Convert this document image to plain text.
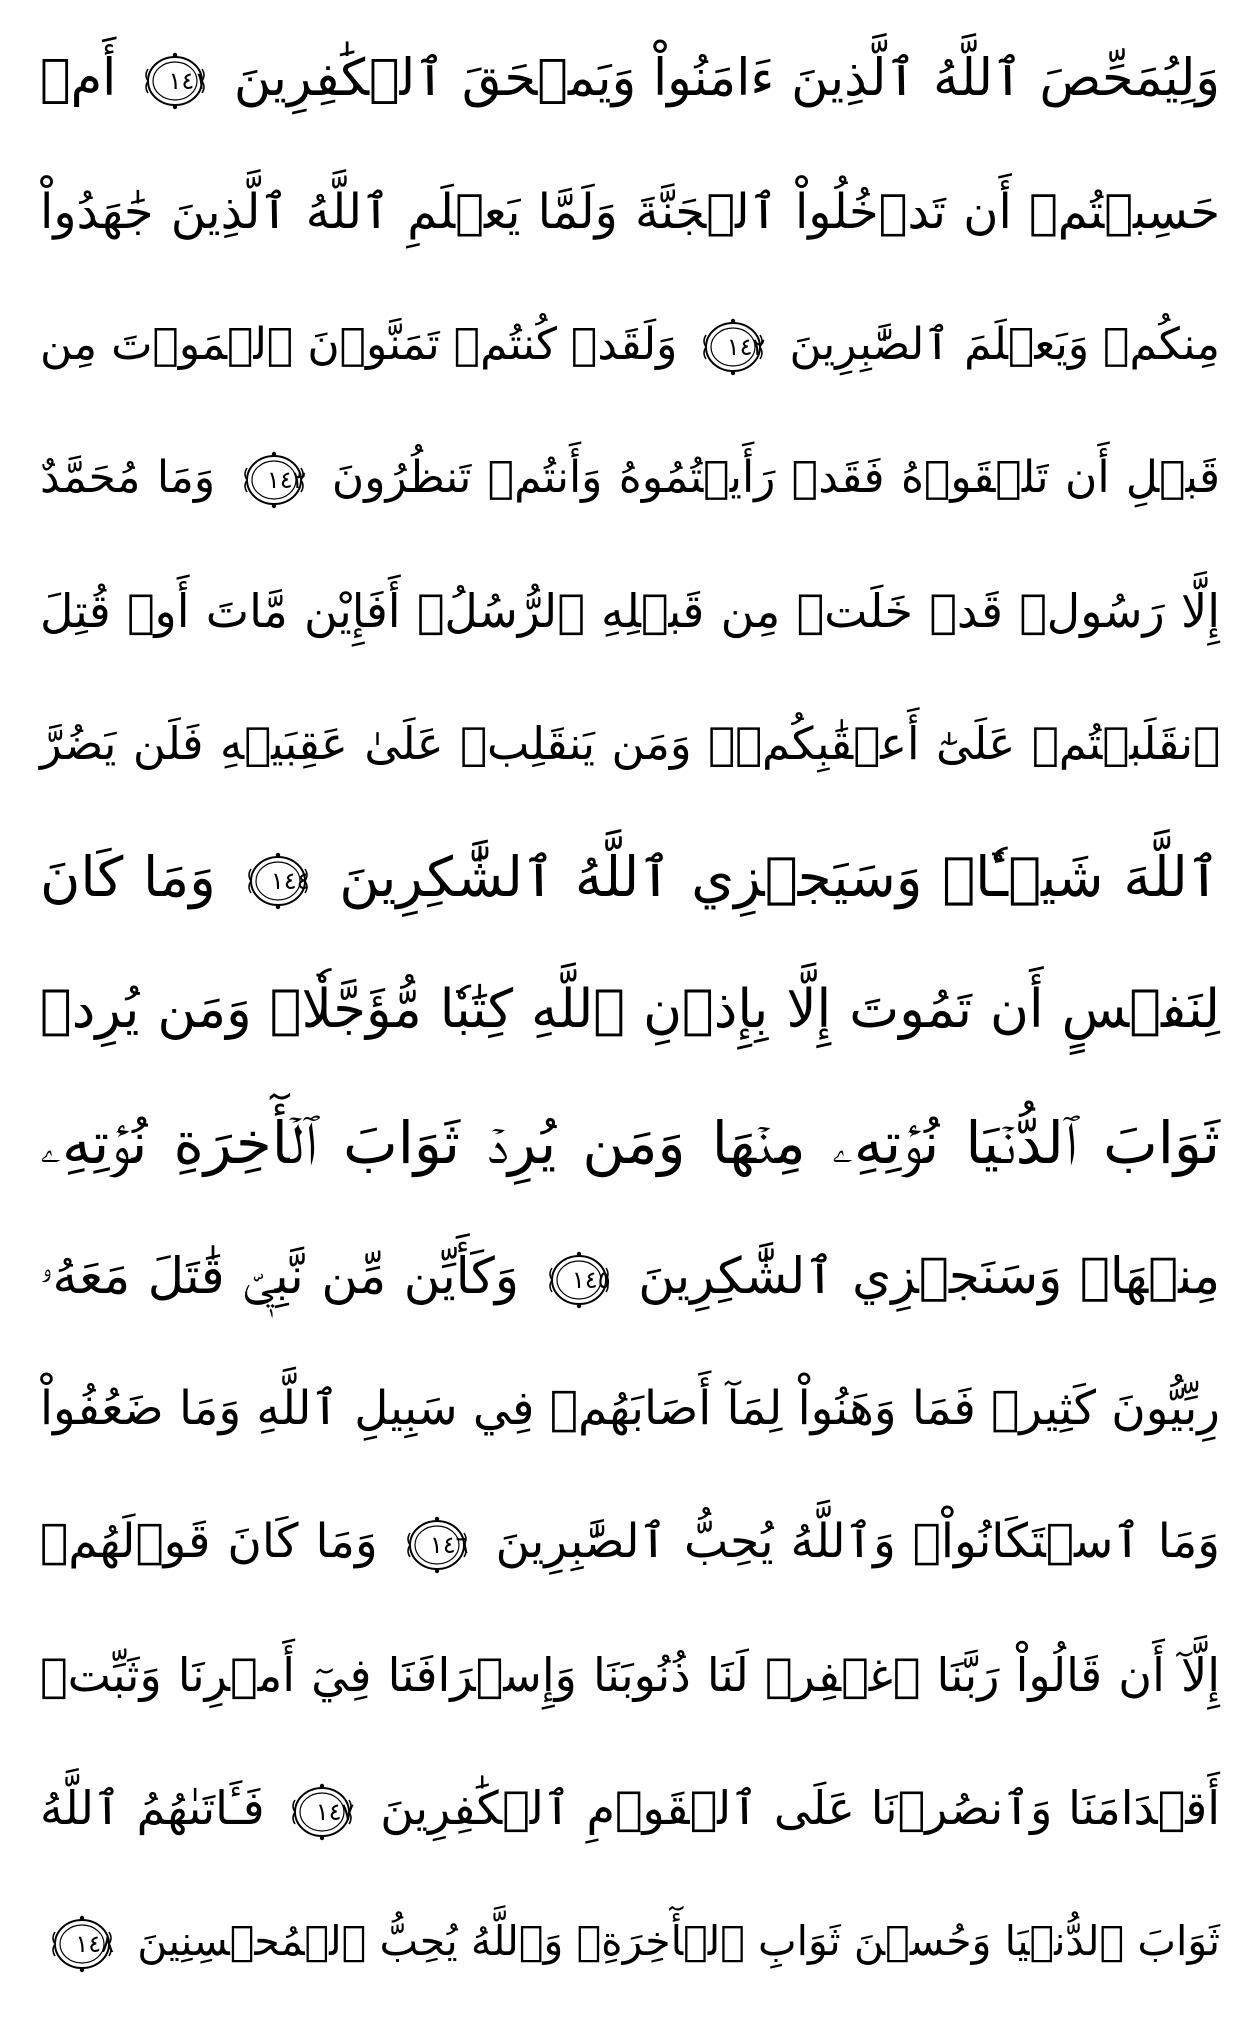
وَلِيُمَحِّصَ ٱللَّهُ ٱلَّذِينَ ءَامَنُواْ وَيَمۡحَقَ ٱلۡكَٰفِرِينَ
١٤١
أَمۡ
حَسِبۡتُمۡ أَن تَدۡخُلُواْ ٱلۡجَنَّةَ وَلَمَّا يَعۡلَمِ ٱللَّهُ ٱلَّذِينَ جَٰهَدُواْ
مِنكُمۡ وَيَعۡلَمَ ٱلصَّٰبِرِينَ
١٤٢
وَلَقَدۡ كُنتُمۡ تَمَنَّوۡنَ ٱلۡمَوۡتَ مِن
قَبۡلِ أَن تَلۡقَوۡهُ فَقَدۡ رَأَيۡتُمُوهُ وَأَنتُمۡ تَنظُرُونَ
١٤٣
وَمَا مُحَمَّدٌ
إِلَّا رَسُولٞ قَدۡ خَلَتۡ مِن قَبۡلِهِ ٱلرُّسُلُۚ أَفَإِيْن مَّاتَ أَوۡ قُتِلَ
ٱنقَلَبۡتُمۡ عَلَىٰٓ أَعۡقَٰبِكُمۡۚ وَمَن يَنقَلِبۡ عَلَىٰ عَقِبَيۡهِ فَلَن يَضُرَّ
ٱللَّهَ شَيۡـٔٗاۗ وَسَيَجۡزِي ٱللَّهُ ٱلشَّٰكِرِينَ
١٤٤
وَمَا كَانَ
لِنَفۡسٍ أَن تَمُوتَ إِلَّا بِإِذۡنِ ٱللَّهِ كِتَٰبٗا مُّؤَجَّلٗاۗ وَمَن يُرِدۡ
ثَوَابَ ٱلدُّنۡيَا نُؤۡتِهِۦ مِنۡهَا وَمَن يُرِدۡ ثَوَابَ ٱلۡأٓخِرَةِ نُؤۡتِهِۦ
مِنۡهَاۚ وَسَنَجۡزِي ٱلشَّٰكِرِينَ
١٤٥
وَكَأَيِّن مِّن نَّبِيّٖ قَٰتَلَ مَعَهُۥ
رِبِّيُّونَ كَثِيرٞ فَمَا وَهَنُواْ لِمَآ أَصَابَهُمۡ فِي سَبِيلِ ٱللَّهِ وَمَا ضَعُفُواْ
وَمَا ٱسۡتَكَانُواْۗ وَٱللَّهُ يُحِبُّ ٱلصَّٰبِرِينَ
١٤٦
وَمَا كَانَ قَوۡلَهُمۡ
إِلَّآ أَن قَالُواْ رَبَّنَا ٱغۡفِرۡ لَنَا ذُنُوبَنَا وَإِسۡرَافَنَا فِيٓ أَمۡرِنَا وَثَبِّتۡ
أَقۡدَامَنَا وَٱنصُرۡنَا عَلَى ٱلۡقَوۡمِ ٱلۡكَٰفِرِينَ
١٤٧
فَـَٔاتَىٰهُمُ ٱللَّهُ
ثَوَابَ ٱلدُّنۡيَا وَحُسۡنَ ثَوَابِ ٱلۡأٓخِرَةِۗ وَٱللَّهُ يُحِبُّ ٱلۡمُحۡسِنِينَ
١٤٨
